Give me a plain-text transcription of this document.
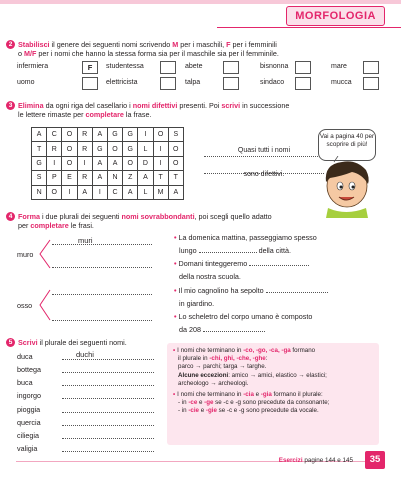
MORFOLOGIA
2 Stabilisci il genere dei seguenti nomi scrivendo M per i maschili, F per i femminili
o M/F per i nomi che hanno la stessa forma sia per il maschile sia per il femminile.
infermiera	F	studentessa	abete	bisnonna	mare
uomo	elettricista	talpa	sindaco	mucca
3 Elimina da ogni riga del casellario i nomi difettivi presenti. Poi scrivi in successione
le lettere rimaste per completare la frase.
A	C	O	R	A	G	G	I	O	S
T	R	O	R	G	O	G	L	I	O
G	I	O	I	A	A	O	D	I	O
S	P	E	R	A	N	Z	A	T	T
N	O	I	A	I	C	A	L	M	A
Quasi tutti i nomi
sono difettivi.
Vai a pagina 40 per scoprire di più!
4 Forma i due plurali dei seguenti nomi sovrabbondanti, poi scegli quello adatto
per completare le frasi.
muro
muri
osso
• La domenica mattina, passeggiamo spesso
lungo	della città.
• Domani tinteggeremo
della nostra scuola.
• Il mio cagnolino ha sepolto
in giardino.
• Lo scheletro del corpo umano è composto
da 208
5 Scrivi il plurale dei seguenti nomi.
duca	duchi
bottega
buca
ingorgo
pioggia
quercia
ciliegia
valigia

• I nomi che terminano in -co, -go, -ca, -ga formano

il plurale in -chi, ghi, -che, -ghe:

parco → parchi; targa → targhe.

Alcune eccezioni: amico → amici, elastico → elastici;

archeologo → archeologi.

• I nomi che terminano in -cia e -gia formano il plurale:

- in -ce e -ge se -c e -g sono precedute da consonante;

- in -cie e -gie se -c e -g sono precedute da vocale.

Esercizi pagine 144 e 145	35
